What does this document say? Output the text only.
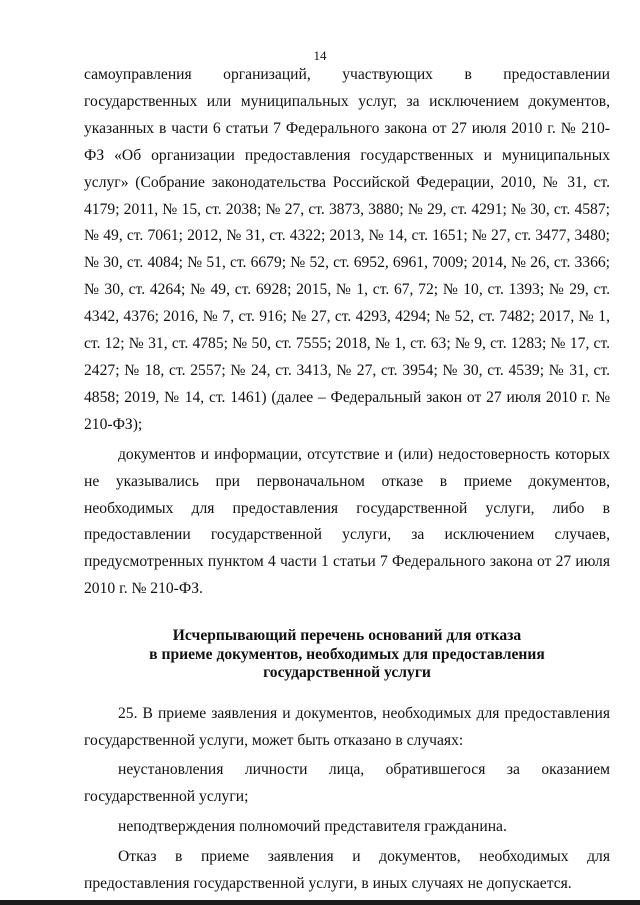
14

самоуправления организаций, участвующих в предоставлении государственных или муниципальных услуг, за исключением документов, указанных в части 6 статьи 7 Федерального закона от 27 июля 2010 г. № 210-ФЗ «Об организации предоставления государственных и муниципальных услуг» (Собрание законодательства Российской Федерации, 2010, № 31, ст. 4179; 2011, № 15, ст. 2038; № 27, ст. 3873, 3880; № 29, ст. 4291; № 30, ст. 4587; № 49, ст. 7061; 2012, № 31, ст. 4322; 2013, № 14, ст. 1651; № 27, ст. 3477, 3480; № 30, ст. 4084; № 51, ст. 6679; № 52, ст. 6952, 6961, 7009; 2014, № 26, ст. 3366; № 30, ст. 4264; № 49, ст. 6928; 2015, № 1, ст. 67, 72; № 10, ст. 1393; № 29, ст. 4342, 4376; 2016, № 7, ст. 916; № 27, ст. 4293, 4294; № 52, ст. 7482; 2017, № 1, ст. 12; № 31, ст. 4785; № 50, ст. 7555; 2018, № 1, ст. 63; № 9, ст. 1283; № 17, ст. 2427; № 18, ст. 2557; № 24, ст. 3413, № 27, ст. 3954; № 30, ст. 4539; № 31, ст. 4858; 2019, № 14, ст. 1461) (далее – Федеральный закон от 27 июля 2010 г. № 210-ФЗ);

документов и информации, отсутствие и (или) недостоверность которых не указывались при первоначальном отказе в приеме документов, необходимых для предоставления государственной услуги, либо в предоставлении государственной услуги, за исключением случаев, предусмотренных пунктом 4 части 1 статьи 7 Федерального закона от 27 июля 2010 г. № 210-ФЗ.

Исчерпывающий перечень оснований для отказа
в приеме документов, необходимых для предоставления
государственной услуги

25. В приеме заявления и документов, необходимых для предоставления государственной услуги, может быть отказано в случаях:

неустановления личности лица, обратившегося за оказанием государственной услуги;

неподтверждения полномочий представителя гражданина.

Отказ в приеме заявления и документов, необходимых для предоставления государственной услуги, в иных случаях не допускается.
